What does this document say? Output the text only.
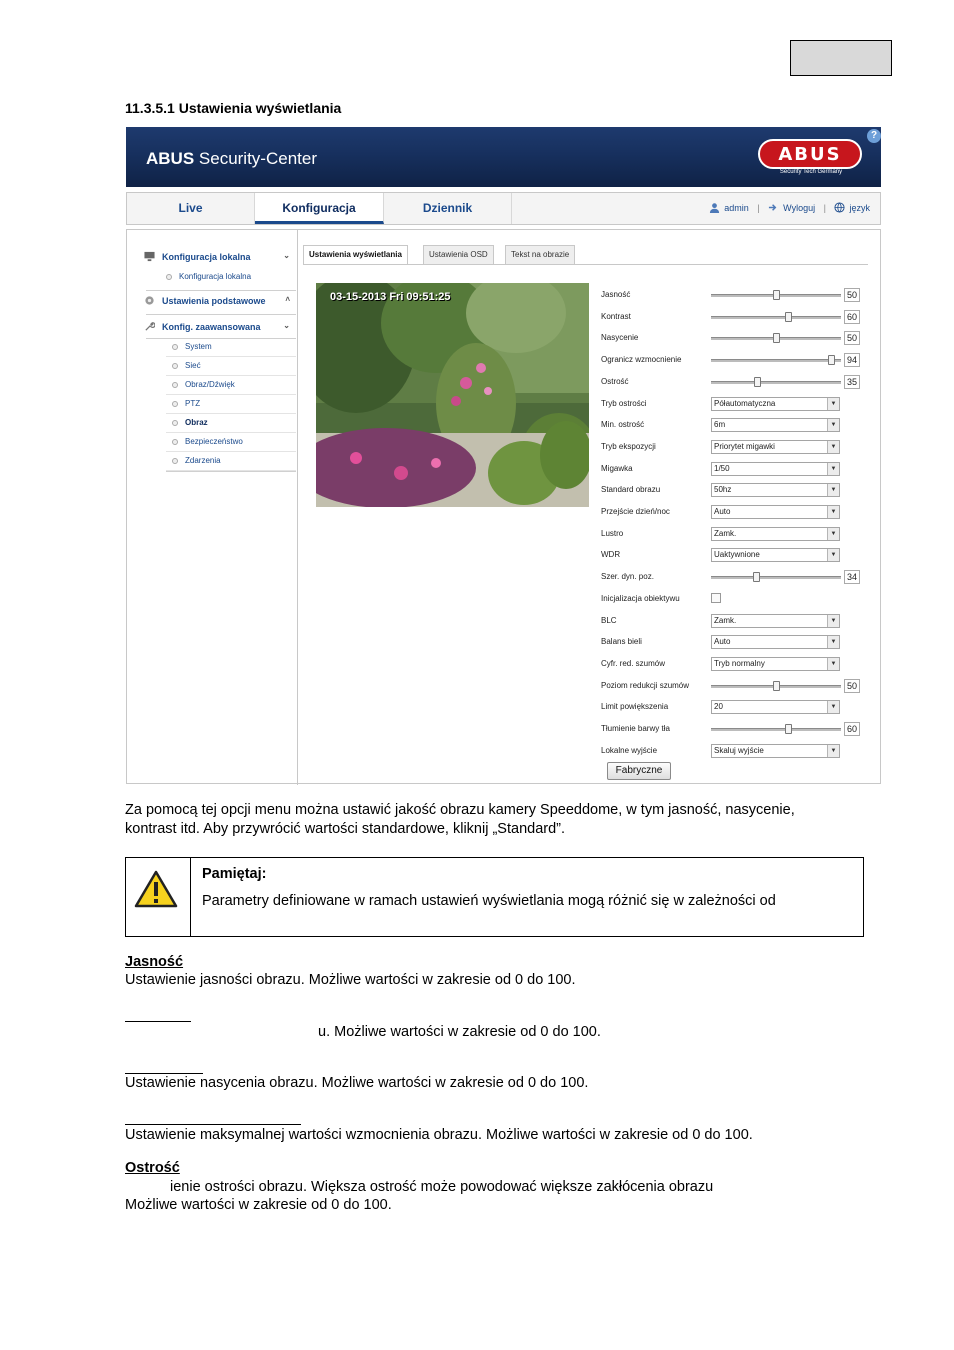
11.3.5.1 Ustawienia wyświetlania
ABUS Security-Center	ABUS
Security Tech Germany
?
Live	Konfiguracja	Dziennik	admin |	Wyloguj |	język
Konfiguracja lokalna	⌄
Konfiguracja lokalna
Ustawienia podstawowe ˄
Konfig. zaawansowana	⌄
System
Sieć
Obraz/Dźwięk
PTZ
Obraz
Bezpieczeństwo
Zdarzenia
Ustawienia wyświetlania	Ustawienia OSD	Tekst na obrazie
03-15-2013 Fri 09:51:25	Jasność	50
Kontrast	60
Nasycenie	50
Ogranicz wzmocnienie	94
Ostrość	35
Tryb ostrości	Półautomatyczna	▼
Min. ostrość	6m	▼
Tryb ekspozycji	Priorytet migawki	▼
Migawka	1/50	▼
Standard obrazu	50hz	▼
Przejście dzień/noc	Auto	▼
Lustro	Zamk.	▼
WDR	Uaktywnione	▼
Szer. dyn. poz.	34
Inicjalizacja obiektywu
BLC	Zamk.	▼
Balans bieli	Auto	▼
Cyfr. red. szumów	Tryb normalny	▼
Poziom redukcji szumów	50
Limit powiększenia	20	▼
Tłumienie barwy tła	60
Lokalne wyjście	Skaluj wyjście	▼
Fabryczne
Za pomocą tej opcji menu można ustawić jakość obrazu kamery Speeddome, w tym jasność, nasycenie,
kontrast itd. Aby przywrócić wartości standardowe, kliknij „Standard”.
Pamiętaj:
Parametry definiowane w ramach ustawień wyświetlania mogą różnić się w zależności od
Jasność
Ustawienie jasności obrazu. Możliwe wartości w zakresie od 0 do 100.
u. Możliwe wartości w zakresie od 0 do 100.
Ustawienie nasycenia obrazu. Możliwe wartości w zakresie od 0 do 100.
Ustawienie maksymalnej wartości wzmocnienia obrazu. Możliwe wartości w zakresie od 0 do 100.
Ostrość
ienie ostrości obrazu. Większa ostrość może powodować większe zakłócenia obrazu
Możliwe wartości w zakresie od 0 do 100.
